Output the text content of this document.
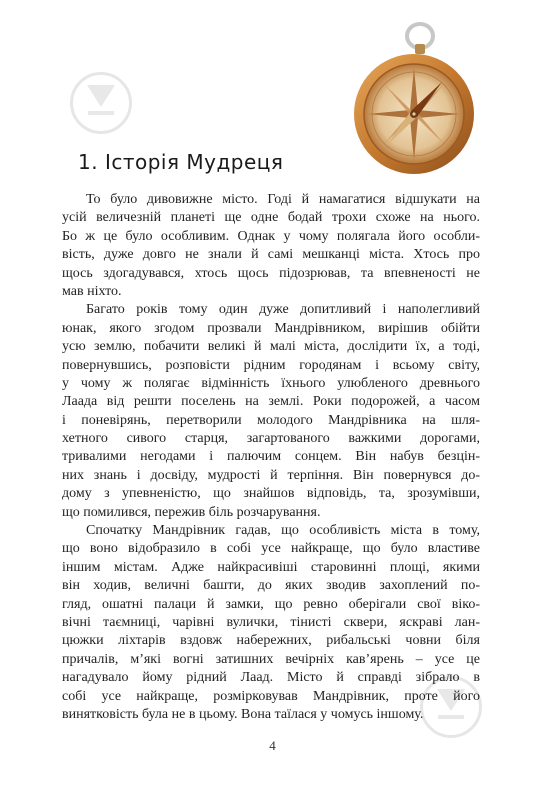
1. Історія Мудреця
То було дивовижне місто. Годі й намагатися відшукати на
усій величезній планеті ще одне бодай трохи схоже на нього.
Бо ж це було особливим. Однак у чому полягала його особли-
вість, дуже довго не знали й самі мешканці міста. Хтось про
щось здогадувався, хтось щось підозрював, та впевненості не
мав ніхто.
Багато років тому один дуже допитливий і наполегливий
юнак, якого згодом прозвали Мандрівником, вирішив обійти
усю землю, побачити великі й малі міста, дослідити їх, а тоді,
повернувшись, розповісти рідним городянам і всьому світу,
у чому ж полягає відмінність їхнього улюбленого древнього
Лаада від решти поселень на землі. Роки подорожей, а часом
і поневірянь, перетворили молодого Мандрівника на шля-
хетного сивого старця, загартованого важкими дорогами,
тривалими негодами і палючим сонцем. Він набув безцін-
них знань і досвіду, мудрості й терпіння. Він повернувся до-
дому з упевненістю, що знайшов відповідь, та, зрозумівши,
що помилився, пережив біль розчарування.
Спочатку Мандрівник гадав, що особливість міста в тому,
що воно відобразило в собі усе найкраще, що було властиве
іншим містам. Адже найкрасивіші старовинні площі, якими
він ходив, величні башти, до яких зводив захоплений по-
гляд, ошатні палаци й замки, що ревно оберігали свої віко-
вічні таємниці, чарівні вулички, тінисті сквери, яскраві лан-
цюжки ліхтарів вздовж набережних, рибальські човни біля
причалів, м’які вогні затишних вечірніх кав’ярень – усе це
нагадувало йому рідний Лаад. Місто й справді зібрало в
собі усе найкраще, розмірковував Мандрівник, проте його
винятковість була не в цьому. Вона таїлася у чомусь іншому.
4
